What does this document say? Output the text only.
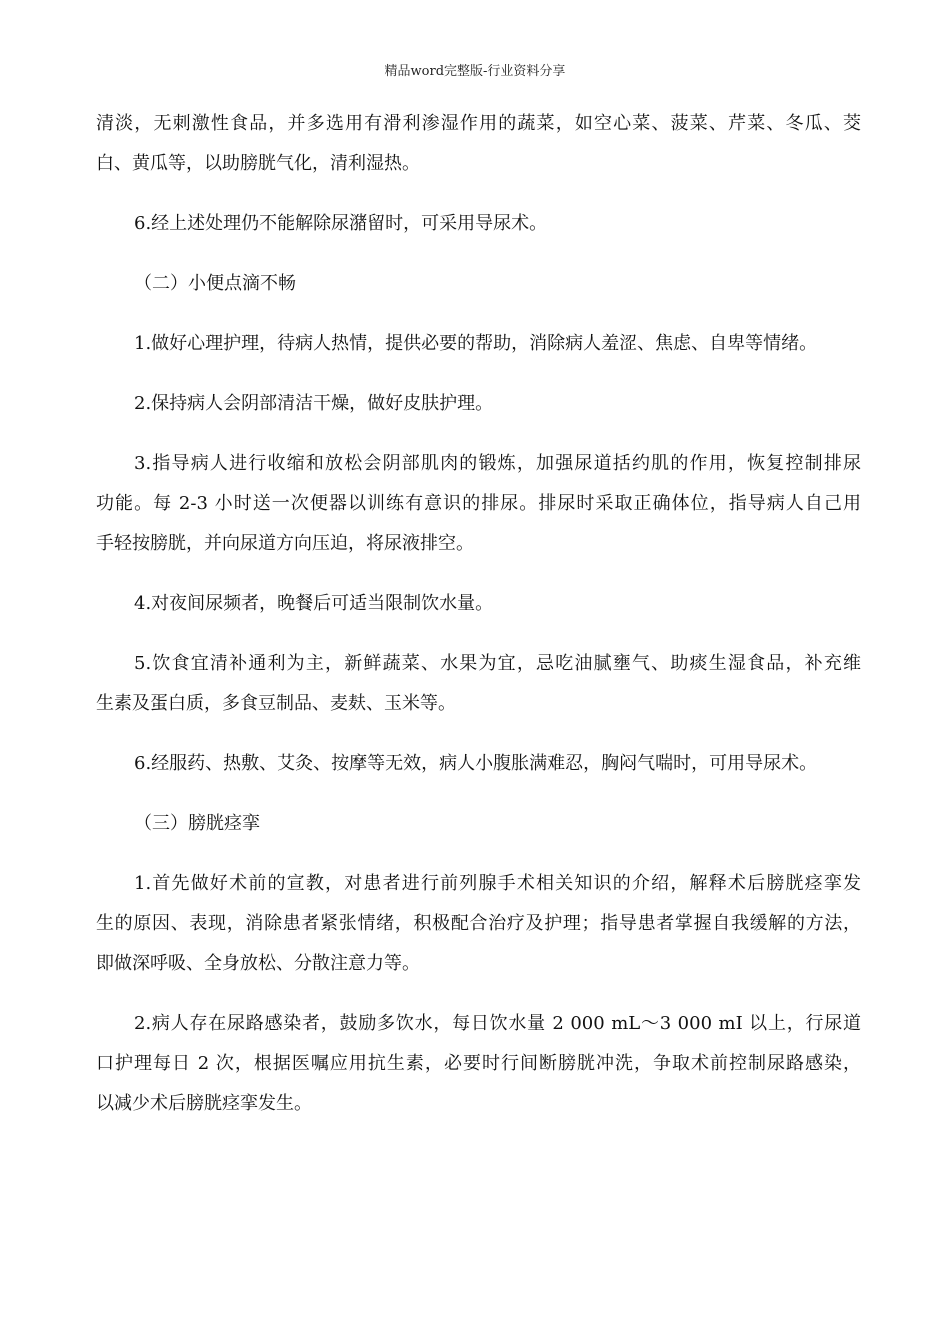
精品word完整版-行业资料分享
清淡，无刺激性食品，并多选用有滑利渗湿作用的蔬菜，如空心菜、菠菜、芹菜、冬瓜、茭
白、黄瓜等，以助膀胱气化，清利湿热。
6.经上述处理仍不能解除尿潴留时，可采用导尿术。
（二）小便点滴不畅
1.做好心理护理，待病人热情，提供必要的帮助，消除病人羞涩、焦虑、自卑等情绪。
2.保持病人会阴部清洁干燥，做好皮肤护理。
3.指导病人进行收缩和放松会阴部肌肉的锻炼，加强尿道括约肌的作用，恢复控制排尿
功能。每 2-3 小时送一次便器以训练有意识的排尿。排尿时采取正确体位，指导病人自己用
手轻按膀胱，并向尿道方向压迫，将尿液排空。
4.对夜间尿频者，晚餐后可适当限制饮水量。
5.饮食宜清补通利为主，新鲜蔬菜、水果为宜，忌吃油腻壅气、助痰生湿食品，补充维
生素及蛋白质，多食豆制品、麦麸、玉米等。
6.经服药、热敷、艾灸、按摩等无效，病人小腹胀满难忍，胸闷气喘时，可用导尿术。
（三）膀胱痉挛
1.首先做好术前的宣教，对患者进行前列腺手术相关知识的介绍，解释术后膀胱痉挛发
生的原因、表现，消除患者紧张情绪，积极配合治疗及护理；指导患者掌握自我缓解的方法，
即做深呼吸、全身放松、分散注意力等。
2.病人存在尿路感染者，鼓励多饮水，每日饮水量 2 000 mL～3 000 mI 以上，行尿道
口护理每日 2 次，根据医嘱应用抗生素，必要时行间断膀胱冲洗，争取术前控制尿路感染，
以减少术后膀胱痉挛发生。
